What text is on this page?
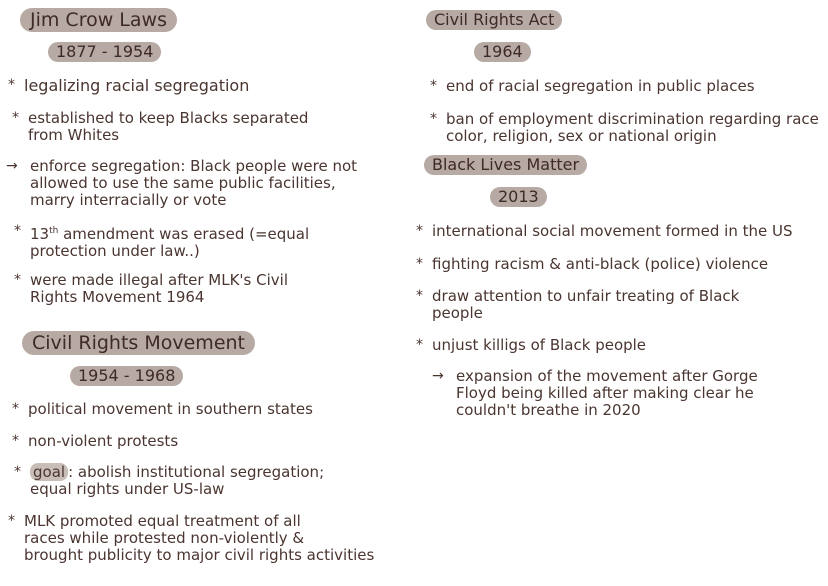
Jim Crow Laws
1877 - 1954
* legalizing racial segregation
* established to keep Blacks separated
from Whites
→ enforce segregation: Black people were not
allowed to use the same public facilities,
marry interracially or vote
* 13th amendment was erased (=equal
protection under law..)
* were made illegal after MLK's Civil
Rights Movement 1964
Civil Rights Movement
1954 - 1968
* political movement in southern states
* non-violent protests
* goal : abolish institutional segregation;
equal rights under US-law
* MLK promoted equal treatment of all
races while protested non-violently &
brought publicity to major civil rights activities
Civil Rights Act
1964
* end of racial segregation in public places
* ban of employment discrimination regarding race
color, religion, sex or national origin
Black Lives Matter
2013
* international social movement formed in the US
* fighting racism & anti-black (police) violence
* draw attention to unfair treating of Black
people
* unjust killigs of Black people
→ expansion of the movement after Gorge
Floyd being killed after making clear he
couldn't breathe in 2020
